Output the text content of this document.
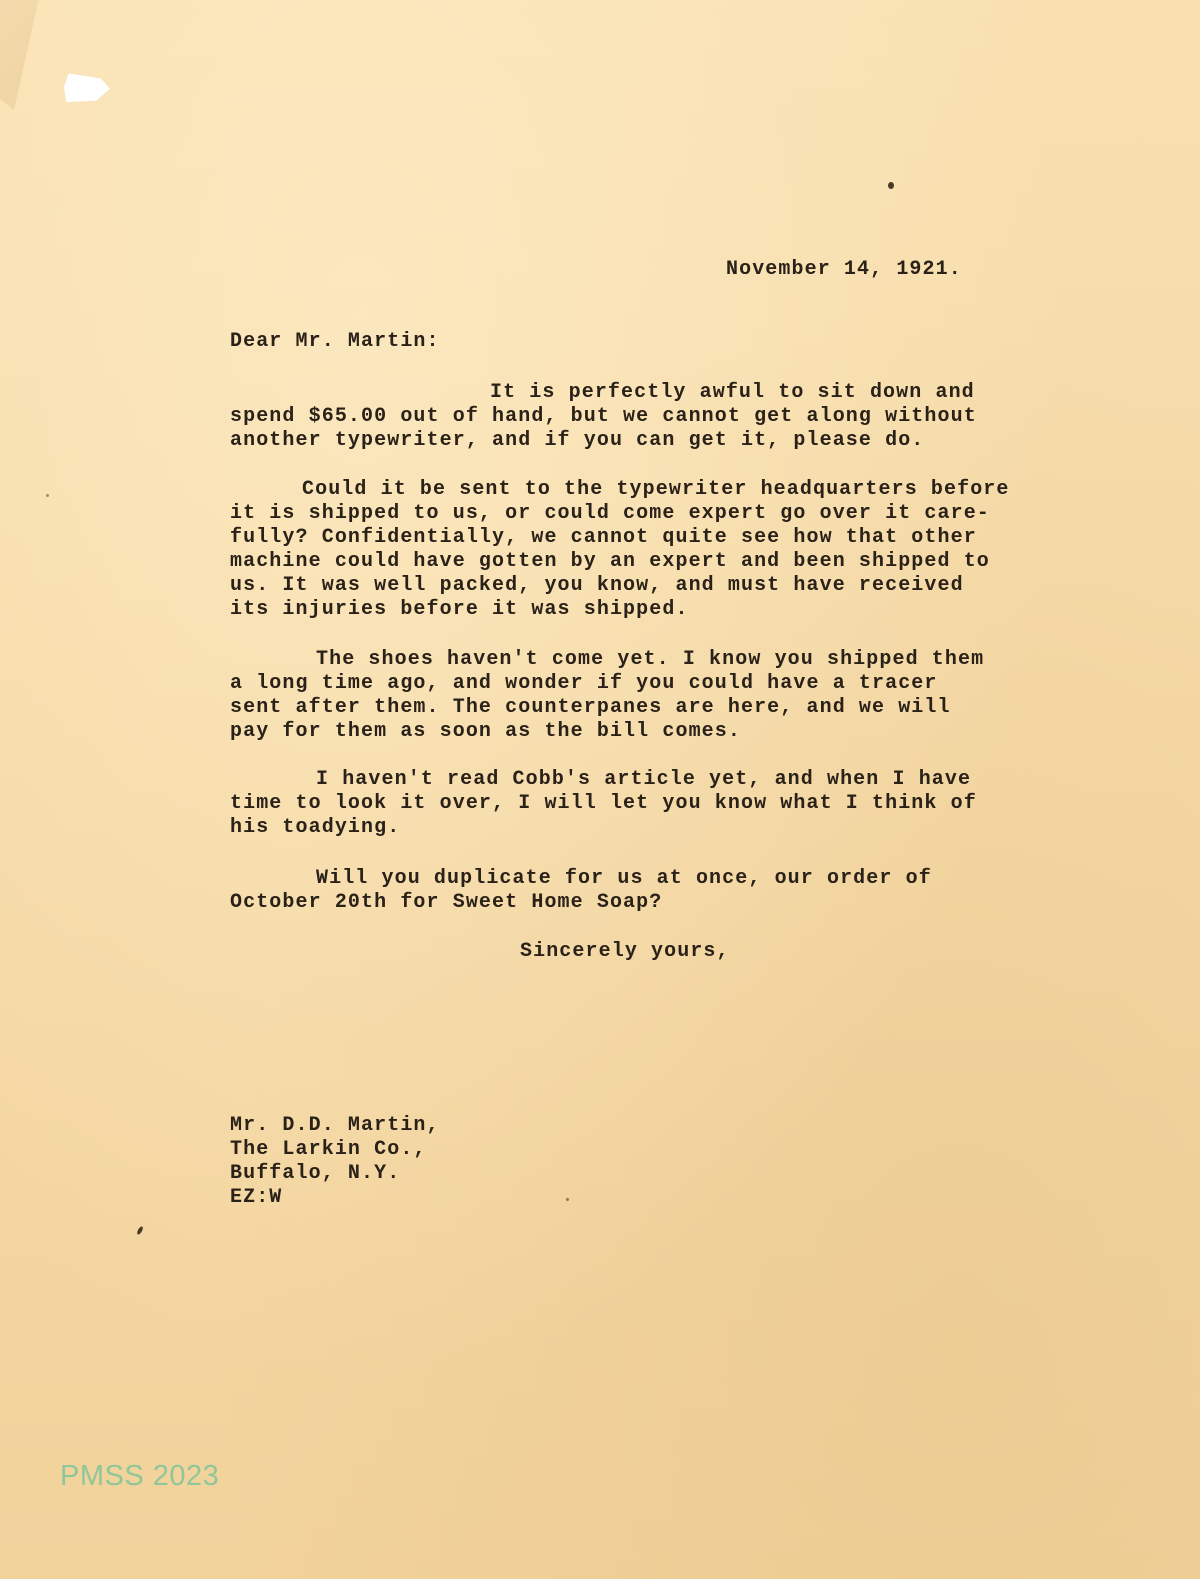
November 14, 1921.

Dear Mr. Martin:

It is perfectly awful to sit down and

spend $65.00 out of hand, but we cannot get along without

another typewriter, and if you can get it, please do.

Could it be sent to the typewriter headquarters before

it is shipped to us, or could come expert go over it care-

fully? Confidentially, we cannot quite see how that other

machine could have gotten by an expert and been shipped to

us. It was well packed, you know, and must have received

its injuries before it was shipped.

The shoes haven't come yet. I know you shipped them

a long time ago, and wonder if you could have a tracer

sent after them. The counterpanes are here, and we will

pay for them as soon as the bill comes.

I haven't read Cobb's article yet, and when I have

time to look it over, I will let you know what I think of

his toadying.

Will you duplicate for us at once, our order of

October 20th for Sweet Home Soap?

Sincerely yours,

Mr. D.D. Martin,

The Larkin Co.,

Buffalo, N.Y.

EZ:W

PMSS 2023
